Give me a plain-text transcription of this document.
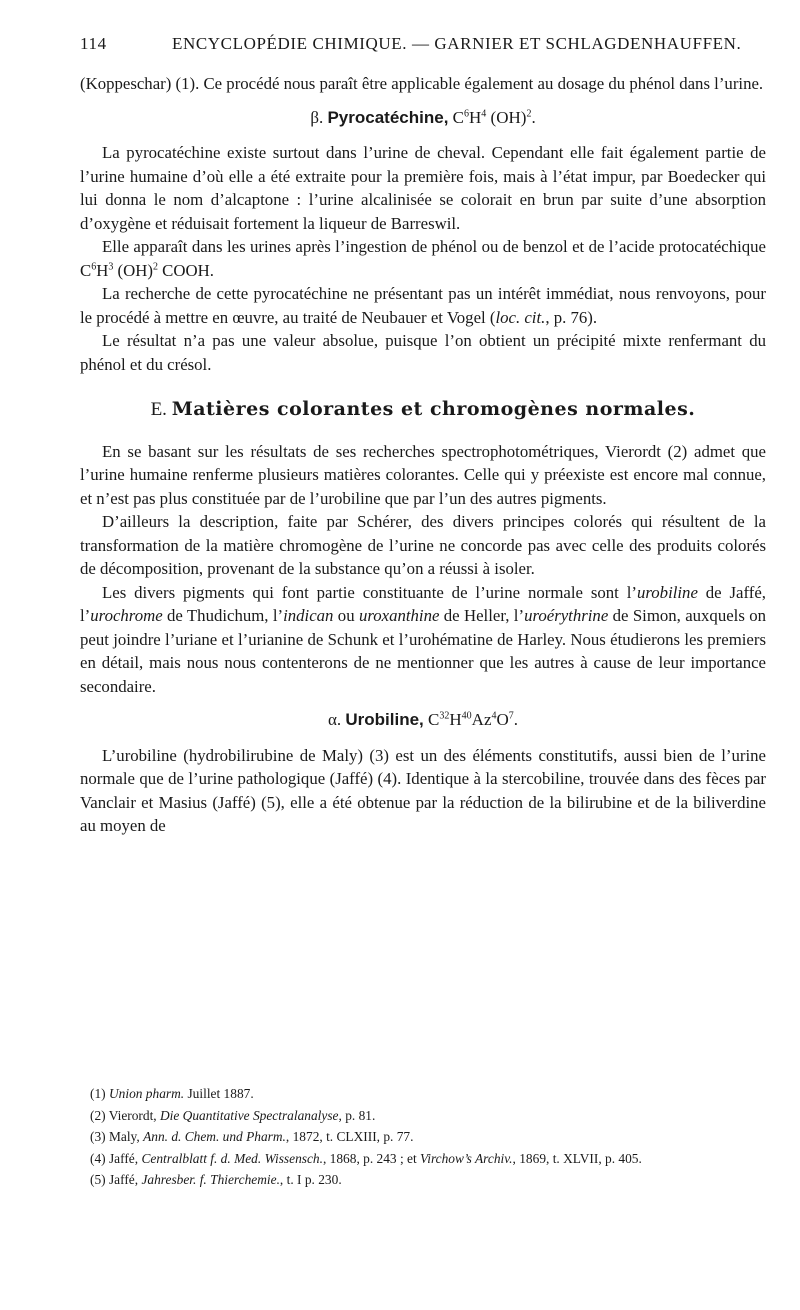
114	ENCYCLOPÉDIE CHIMIQUE. — GARNIER ET SCHLAGDENHAUFFEN.

(Koppeschar) (1). Ce procédé nous paraît être applicable également au dosage du phénol dans l’urine.

β. Pyrocatéchine, $C^6H^4$ (OH)$^2$.

La pyrocatéchine existe surtout dans l’urine de cheval. Cependant elle fait également partie de l’urine humaine d’où elle a été extraite pour la première fois, mais à l’état impur, par Boedecker qui lui donna le nom d’alcaptone : l’urine alcalinisée se colorait en brun par suite d’une absorption d’oxygène et réduisait fortement la liqueur de Barreswil.

Elle apparaît dans les urines après l’ingestion de phénol ou de benzol et de l’acide protocatéchique $C^6H^3$ (OH)$^2$ COOH.

La recherche de cette pyrocatéchine ne présentant pas un intérêt immédiat, nous renvoyons, pour le procédé à mettre en œuvre, au traité de Neubauer et Vogel (loc. cit., p. 76).

Le résultat n’a pas une valeur absolue, puisque l’on obtient un précipité mixte renfermant du phénol et du crésol.

E. Matières colorantes et chromogènes normales.

En se basant sur les résultats de ses recherches spectrophotométriques, Vierordt (2) admet que l’urine humaine renferme plusieurs matières colorantes. Celle qui y préexiste est encore mal connue, et n’est pas plus constituée par de l’urobiline que par l’un des autres pigments.

D’ailleurs la description, faite par Schérer, des divers principes colorés qui résultent de la transformation de la matière chromogène de l’urine ne concorde pas avec celle des produits colorés de décomposition, provenant de la substance qu’on a réussi à isoler.

Les divers pigments qui font partie constituante de l’urine normale sont l’urobiline de Jaffé, l’urochrome de Thudichum, l’indican ou uroxanthine de Heller, l’uroérythrine de Simon, auxquels on peut joindre l’uriane et l’urianine de Schunk et l’urohématine de Harley. Nous étudierons les premiers en détail, mais nous nous contenterons de ne mentionner que les autres à cause de leur importance secondaire.

α. Urobiline, $C^{32}H^{40}Az^4O^7$.

L’urobiline (hydrobilirubine de Maly) (3) est un des éléments constitutifs, aussi bien de l’urine normale que de l’urine pathologique (Jaffé) (4). Identique à la stercobiline, trouvée dans des fèces par Vanclair et Masius (Jaffé) (5), elle a été obtenue par la réduction de la bilirubine et de la biliverdine au moyen de

(1) Union pharm. Juillet 1887.

(2) Vierordt, Die Quantitative Spectralanalyse, p. 81.

(3) Maly, Ann. d. Chem. und Pharm., 1872, t. CLXIII, p. 77.

(4) Jaffé, Centralblatt f. d. Med. Wissensch., 1868, p. 243 ; et Virchow’s Archiv., 1869, t. XLVII, p. 405.

(5) Jaffé, Jahresber. f. Thierchemie., t. I p. 230.
